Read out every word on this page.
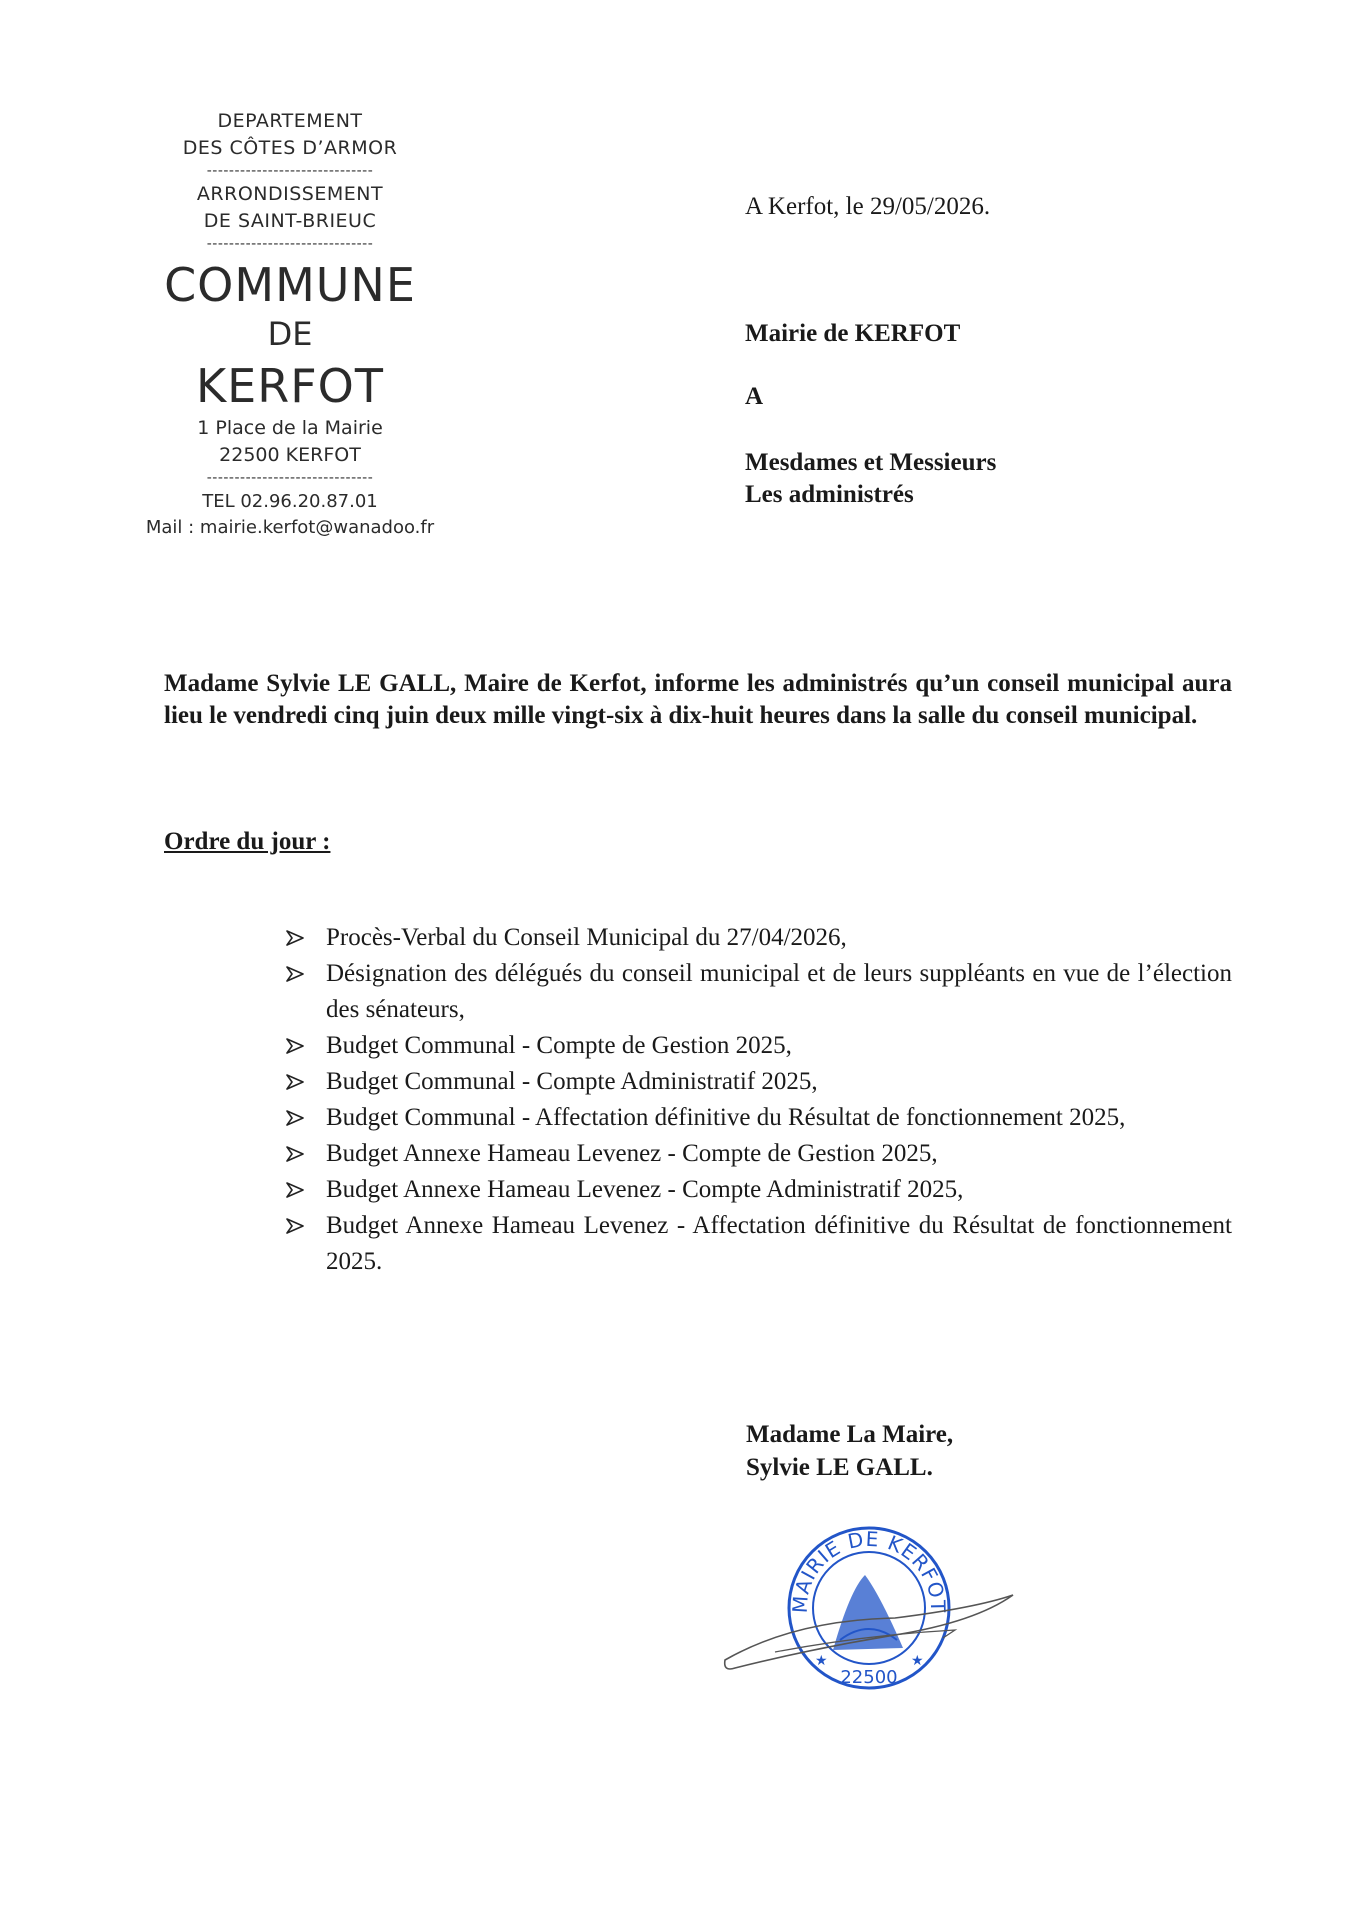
DEPARTEMENT
DES CÔTES D’ARMOR
------------------------------
ARRONDISSEMENT
DE SAINT-BRIEUC
------------------------------
COMMUNE
DE
KERFOT
1 Place de la Mairie
22500 KERFOT
------------------------------
TEL 02.96.20.87.01
Mail : mairie.kerfot@wanadoo.fr
A Kerfot, le 29/05/2026.
Mairie de KERFOT
A
Mesdames et Messieurs
Les administrés

Madame Sylvie LE GALL, Maire de Kerfot, informe les administrés qu’un conseil municipal aura lieu le vendredi cinq juin deux mille vingt-six à dix-huit heures dans la salle du conseil municipal.

Ordre du jour :

Procès-Verbal du Conseil Municipal du 27/04/2026,
Désignation des délégués du conseil municipal et de leurs suppléants en vue de l’élection des sénateurs,
Budget Communal - Compte de Gestion 2025,
Budget Communal - Compte Administratif 2025,
Budget Communal - Affectation définitive du Résultat de fonctionnement 2025,
Budget Annexe Hameau Levenez - Compte de Gestion 2025,
Budget Annexe Hameau Levenez - Compte Administratif 2025,
Budget Annexe Hameau Levenez - Affectation définitive du Résultat de fonctionnement 2025.
Madame La Maire,
Sylvie LE GALL.
MAIRIE DE KERFOT
★	★
22500
